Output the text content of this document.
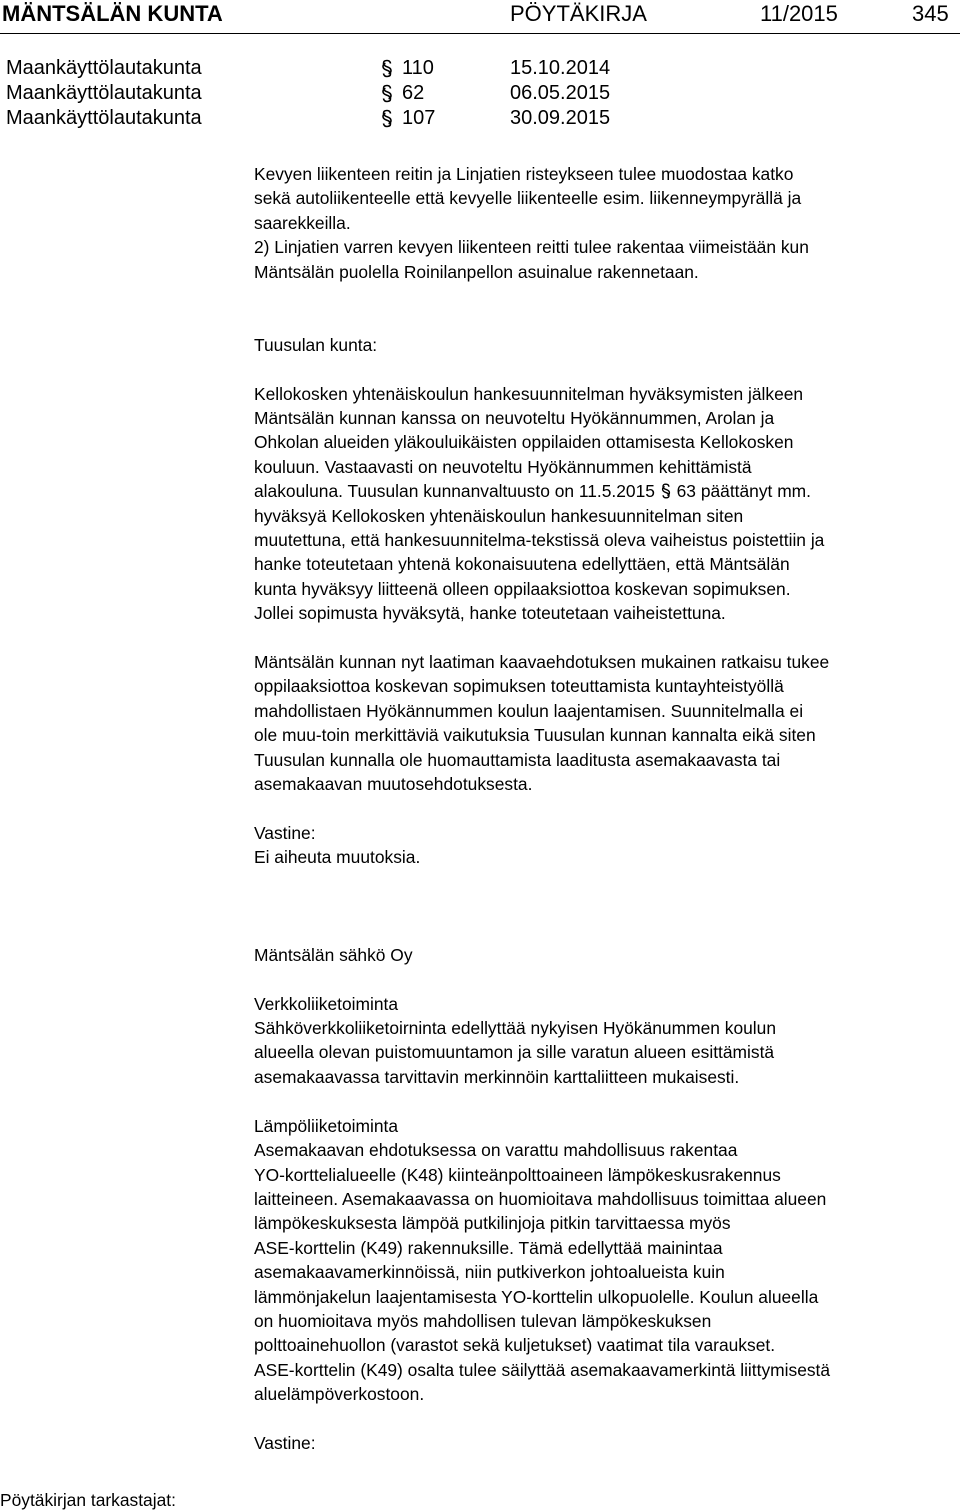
MÄNTSÄLÄN KUNTA	PÖYTÄKIRJA	11/2015	345
Maankäyttölautakunta	110	15.10.2014
Maankäyttölautakunta	62	06.05.2015
Maankäyttölautakunta	107	30.09.2015

Kevyen liikenteen reitin ja Linjatien risteykseen tulee muodostaa katko

sekä autoliikenteelle että kevyelle liikenteelle esim. liikenneympyrällä ja

saarekkeilla.

2) Linjatien varren kevyen liikenteen reitti tulee rakentaa viimeistään kun

Mäntsälän puolella Roinilanpellon asuinalue rakennetaan.

Tuusulan kunta:

Kellokosken yhtenäiskoulun hankesuunnitelman hyväksymisten jälkeen

Mäntsälän kunnan kanssa on neuvoteltu Hyökännummen, Arolan ja

Ohkolan alueiden yläkouluikäisten oppilaiden ottamisesta Kellokosken

kouluun. Vastaavasti on neuvoteltu Hyökännummen kehittämistä

alakouluna. Tuusulan kunnanvaltuusto on 11.5.2015 63 päättänyt mm.

hyväksyä Kellokosken yhtenäiskoulun hankesuunnitelman siten

muutettuna, että hankesuunnitelma-tekstissä oleva vaiheistus poistettiin ja

hanke toteutetaan yhtenä kokonaisuutena edellyttäen, että Mäntsälän

kunta hyväksyy liitteenä olleen oppilaaksiottoa koskevan sopimuksen.

Jollei sopimusta hyväksytä, hanke toteutetaan vaiheistettuna.

Mäntsälän kunnan nyt laatiman kaavaehdotuksen mukainen ratkaisu tukee

oppilaaksiottoa koskevan sopimuksen toteuttamista kuntayhteistyöllä

mahdollistaen Hyökännummen koulun laajentamisen. Suunnitelmalla ei

ole muu-toin merkittäviä vaikutuksia Tuusulan kunnan kannalta eikä siten

Tuusulan kunnalla ole huomauttamista laaditusta asemakaavasta tai

asemakaavan muutosehdotuksesta.

Vastine:

Ei aiheuta muutoksia.

Mäntsälän sähkö Oy

Verkkoliiketoiminta

Sähköverkkoliiketoirninta edellyttää nykyisen Hyökänummen koulun

alueella olevan puistomuuntamon ja sille varatun alueen esittämistä

asemakaavassa tarvittavin merkinnöin karttaliitteen mukaisesti.

Lämpöliiketoiminta

Asemakaavan ehdotuksessa on varattu mahdollisuus rakentaa

YO-korttelialueelle (K48) kiinteänpolttoaineen lämpökeskusrakennus

laitteineen. Asemakaavassa on huomioitava mahdollisuus toimittaa alueen

lämpökeskuksesta lämpöä putkilinjoja pitkin tarvittaessa myös

ASE-korttelin (K49) rakennuksille. Tämä edellyttää mainintaa

asemakaavamerkinnöissä, niin putkiverkon johtoalueista kuin

lämmönjakelun laajentamisesta YO-korttelin ulkopuolelle. Koulun alueella

on huomioitava myös mahdollisen tulevan lämpökeskuksen

polttoainehuollon (varastot sekä kuljetukset) vaatimat tila varaukset.

ASE-korttelin (K49) osalta tulee säilyttää asemakaavamerkintä liittymisestä

aluelämpöverkostoon.

Vastine:

Pöytäkirjan tarkastajat:
